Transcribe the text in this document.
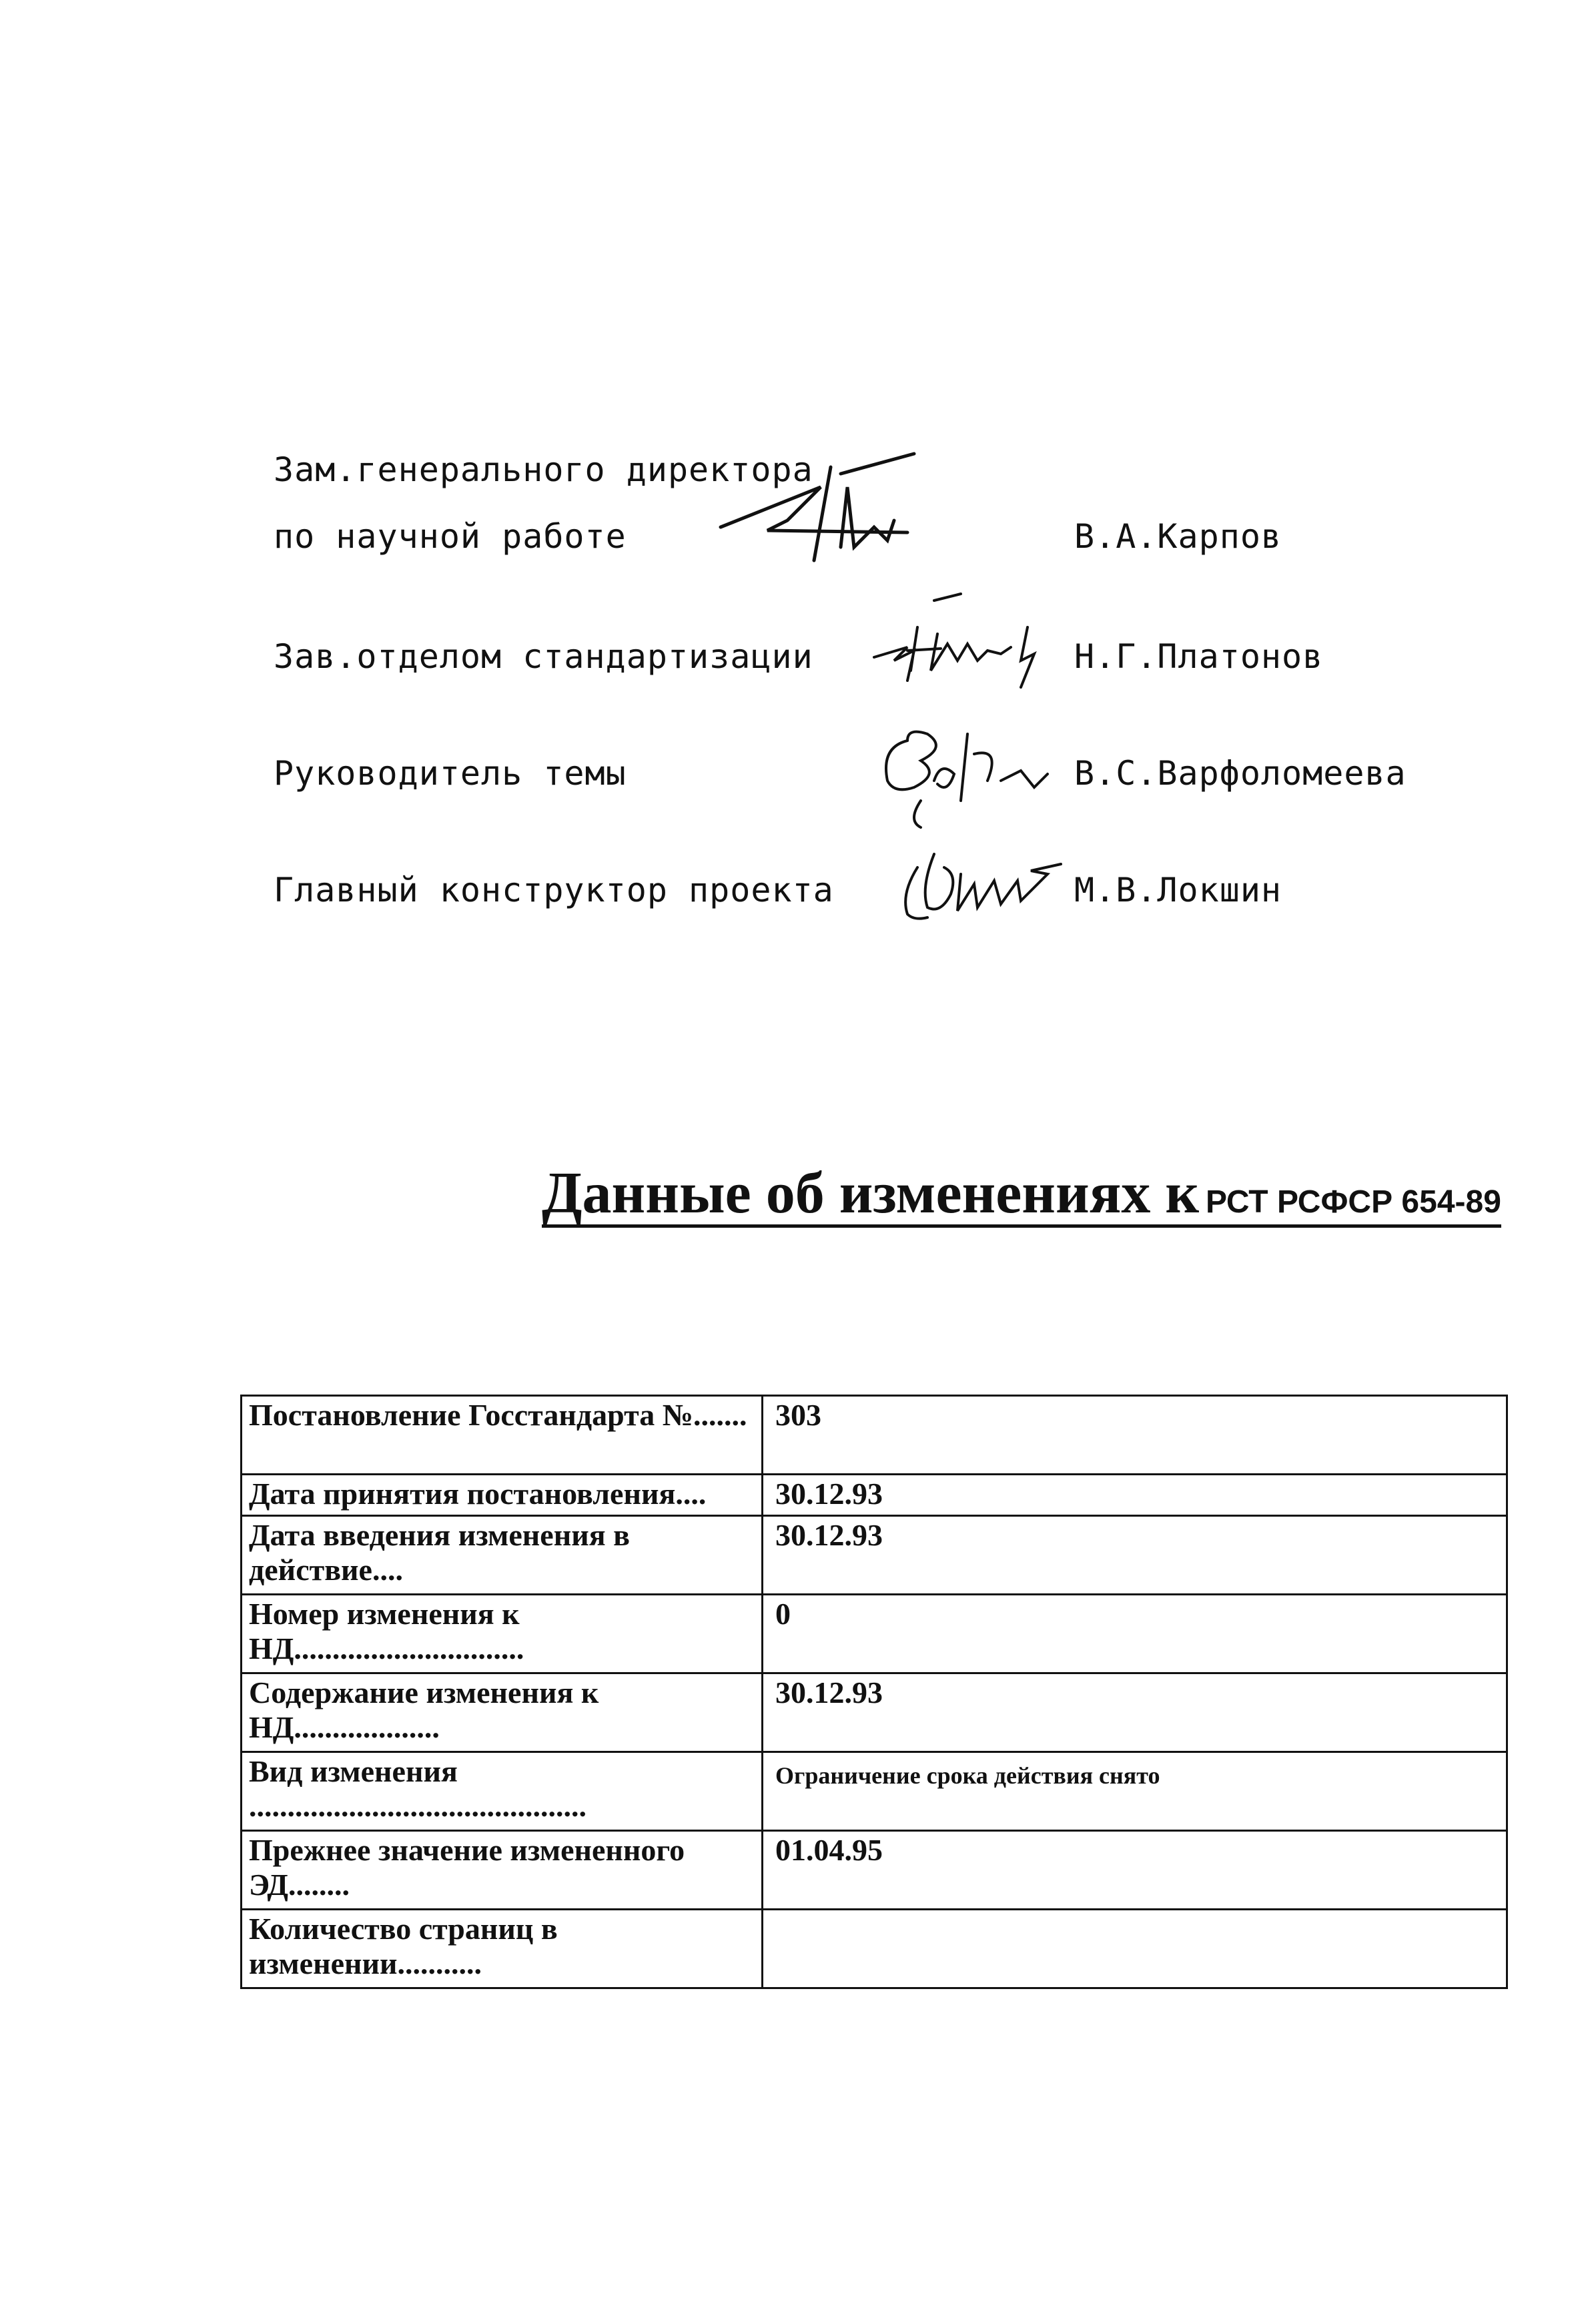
Зам.генерального директора
по научной работе	В.А.Карпов
Зав.отделом стандартизации	Н.Г.Платонов
Руководитель темы	В.С.Варфоломеева
Главный конструктор проекта	М.В.Локшин
Данные об изменениях к РСТ РСФСР 654-89
Постановление Госстандарта №.......	303
Дата принятия постановления....	30.12.93
Дата введения изменения в действие....	30.12.93
Номер изменения к НД..............................	0
Содержание изменения к НД...................	30.12.93
Вид изменения ............................................	Ограничение срока действия снято
Прежнее значение измененного ЭД........	01.04.95
Количество страниц в изменении...........	
